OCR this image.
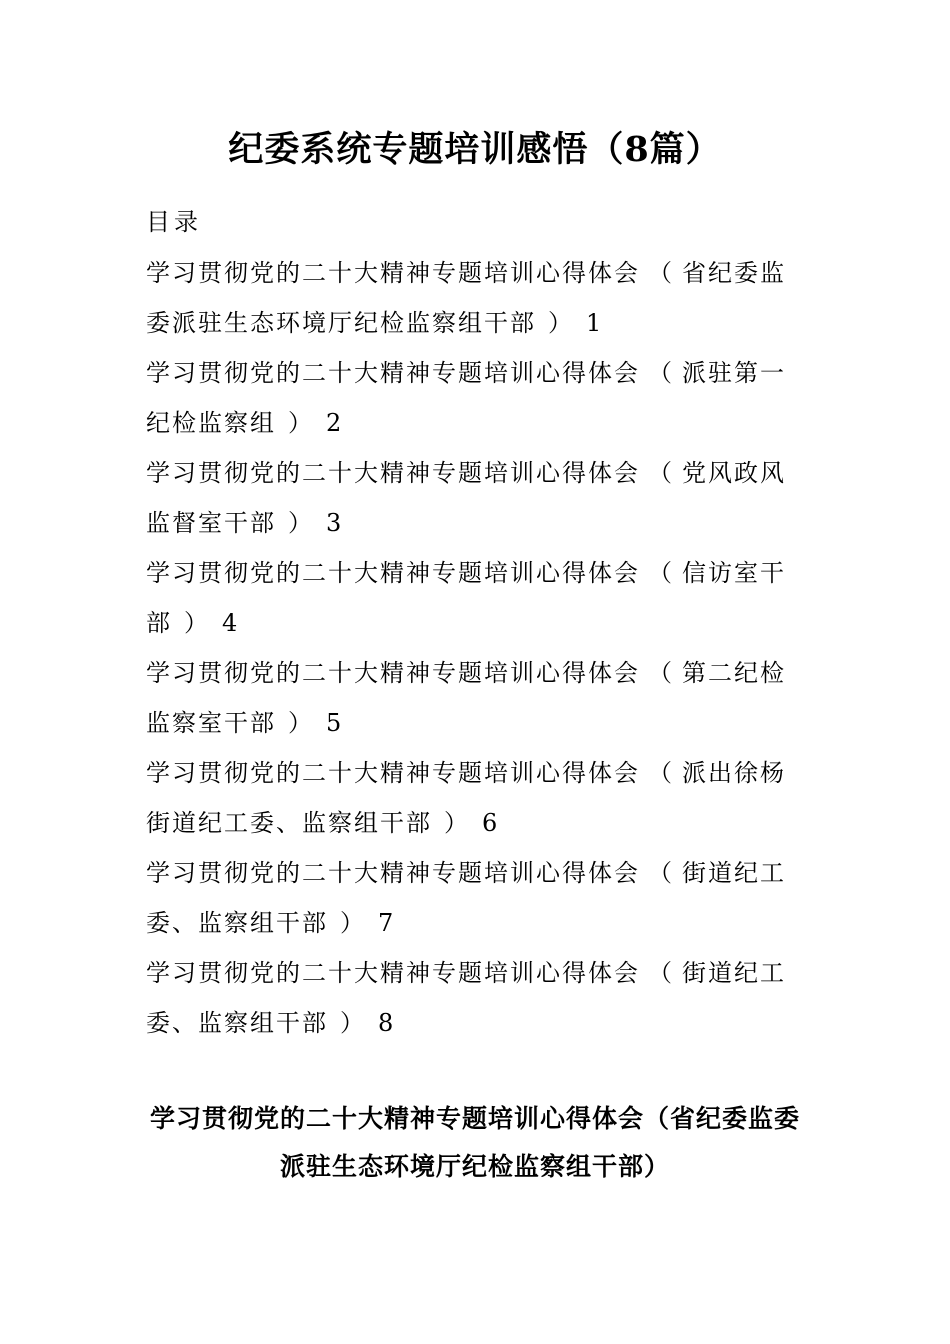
纪委系统专题培训感悟（8篇）
目录
学习贯彻党的二十大精神专题培训心得体会 （ 省纪委监
委派驻生态环境厅纪检监察组干部 ） 1
学习贯彻党的二十大精神专题培训心得体会 （ 派驻第一
纪检监察组 ） 2
学习贯彻党的二十大精神专题培训心得体会 （ 党风政风
监督室干部 ） 3
学习贯彻党的二十大精神专题培训心得体会 （ 信访室干
部 ） 4
学习贯彻党的二十大精神专题培训心得体会 （ 第二纪检
监察室干部 ） 5
学习贯彻党的二十大精神专题培训心得体会 （ 派出徐杨
街道纪工委、监察组干部 ） 6
学习贯彻党的二十大精神专题培训心得体会 （ 街道纪工
委、监察组干部 ） 7
学习贯彻党的二十大精神专题培训心得体会 （ 街道纪工
委、监察组干部 ） 8
学习贯彻党的二十大精神专题培训心得体会（省纪委监委
派驻生态环境厅纪检监察组干部）
